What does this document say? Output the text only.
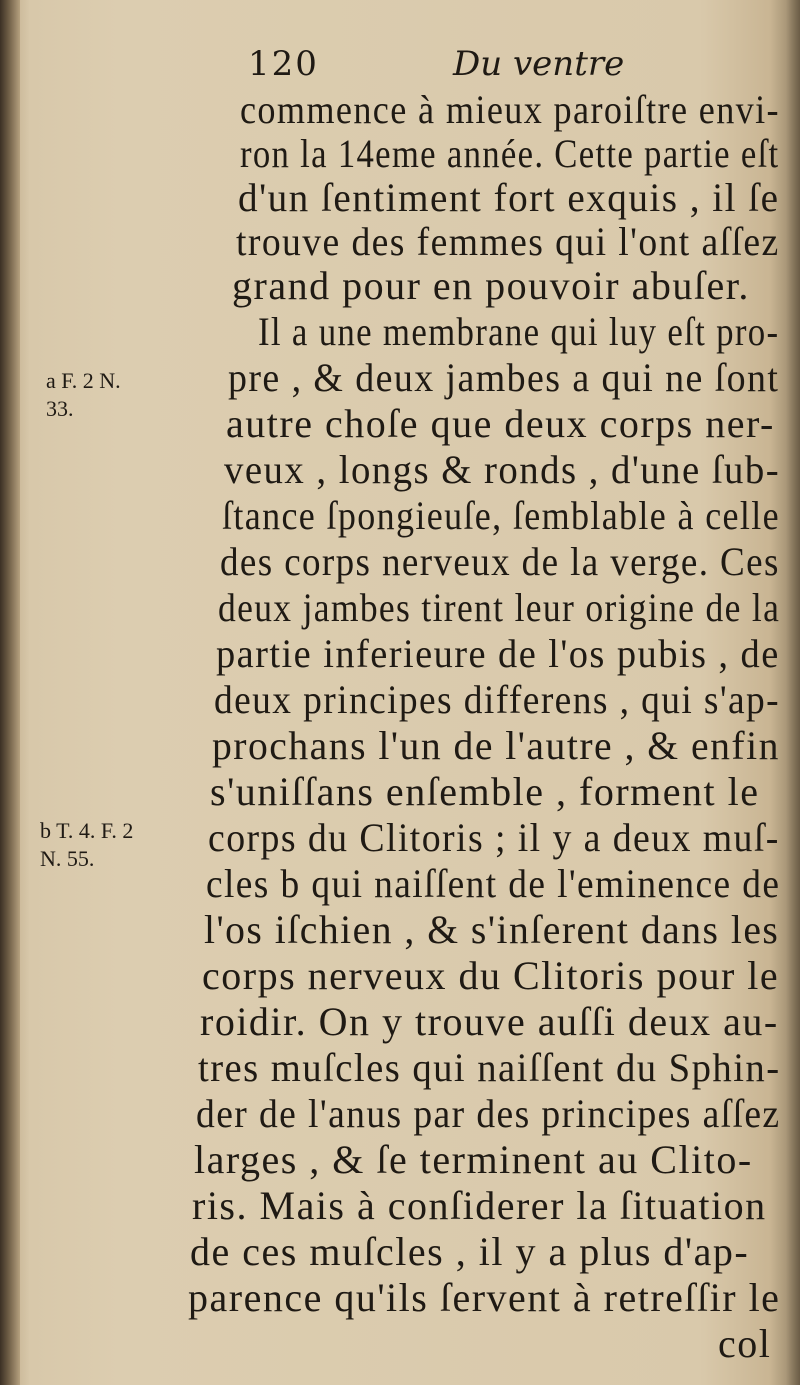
120	Du ventre
a F. 2 N.
33.
b T. 4. F. 2
N. 55.
commence à mieux paroiſtre envi-
ron la 14eme année. Cette partie eſt
d'un ſentiment fort exquis , il ſe
trouve des femmes qui l'ont aſſez
grand pour en pouvoir abuſer.
Il a une membrane qui luy eſt pro-
pre , & deux jambes a qui ne ſont
autre choſe que deux corps ner-
veux , longs & ronds , d'une ſub-
ſtance ſpongieuſe, ſemblable à celle
des corps nerveux de la verge. Ces
deux jambes tirent leur origine de la
partie inferieure de l'os pubis , de
deux principes differens , qui s'ap-
prochans l'un de l'autre , & enfin
s'uniſſans enſemble , forment le
corps du Clitoris ; il y a deux muſ-
cles b qui naiſſent de l'eminence de
l'os iſchien , & s'inſerent dans les
corps nerveux du Clitoris pour le
roidir. On y trouve auſſi deux au-
tres muſcles qui naiſſent du Sphin-
der de l'anus par des principes aſſez
larges , & ſe terminent au Clito-
ris. Mais à conſiderer la ſituation
de ces muſcles , il y a plus d'ap-
parence qu'ils ſervent à retreſſir le
col
